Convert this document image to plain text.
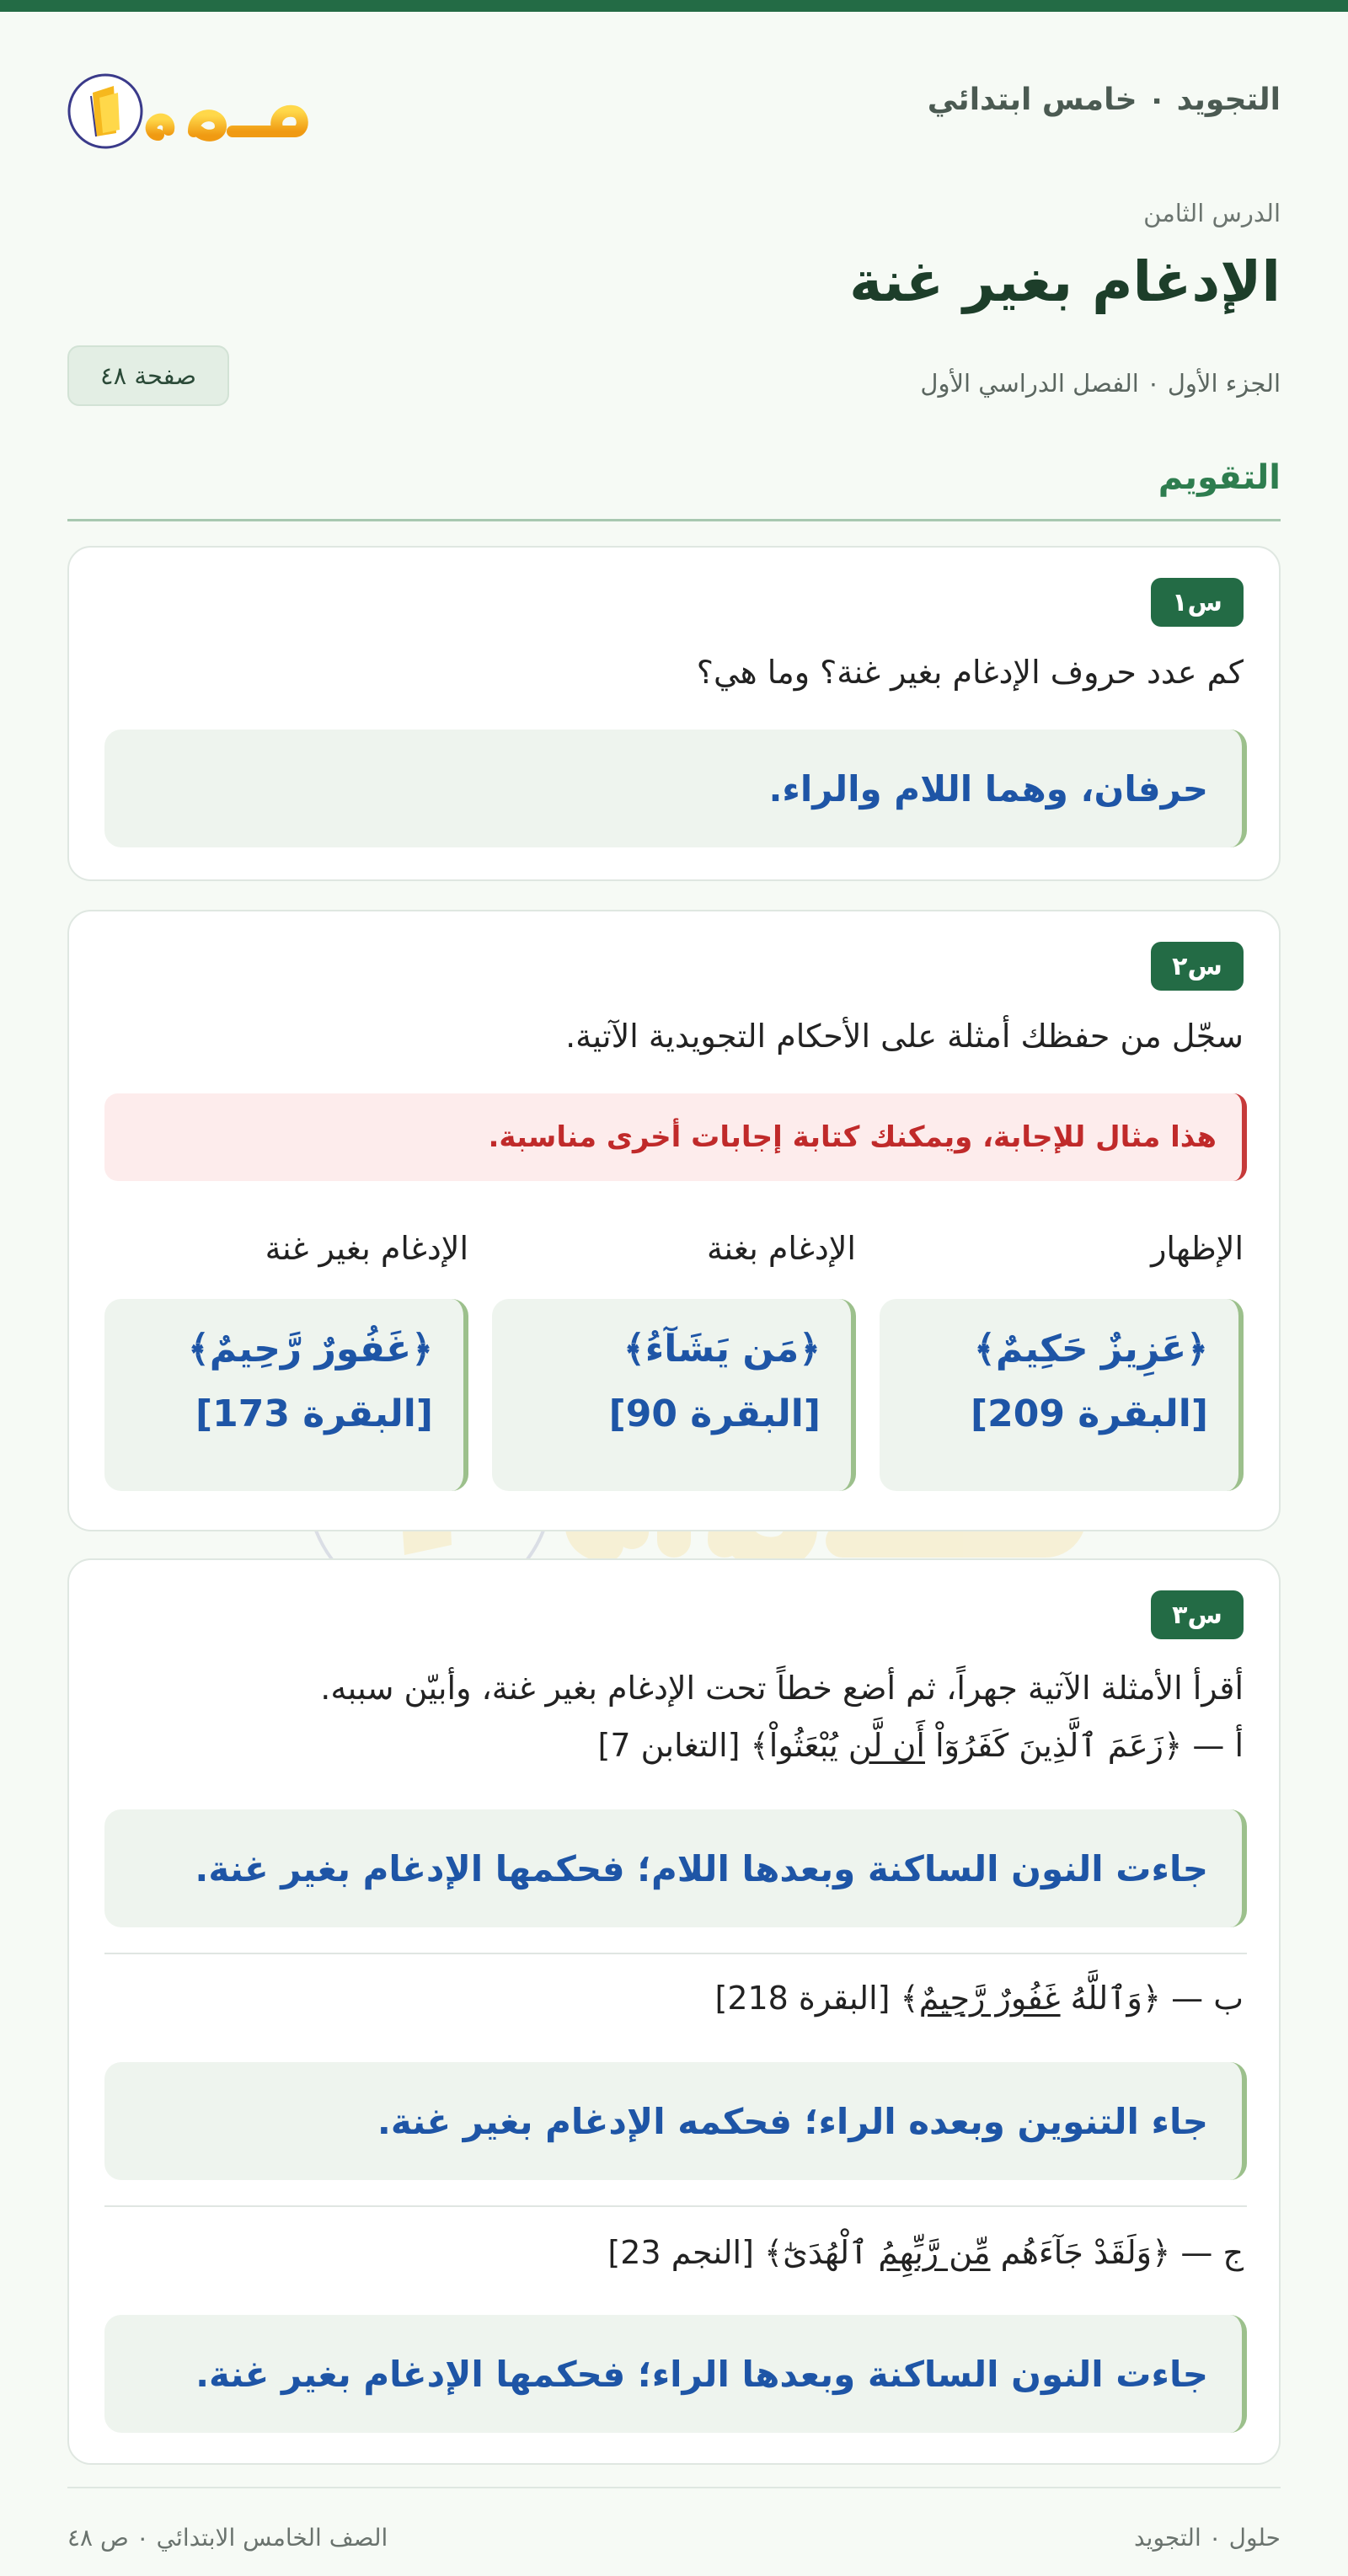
التجويد ٠ خامس ابتدائي
حلول
الدرس الثامن
الإدغام بغير غنة
الجزء الأول ٠ الفصل الدراسي الأول
صفحة ٤٨
التقويم
س١
كم عدد حروف الإدغام بغير غنة؟ وما هي؟
حرفان، وهما اللام والراء.
س٢
سجّل من حفظك أمثلة على الأحكام التجويدية الآتية.
هذا مثال للإجابة، ويمكنك كتابة إجابات أخرى مناسبة.
الإظهار
الإدغام بغنة
الإدغام بغير غنة
﴿عَزِيزٌ حَكِيمٌ﴾
[البقرة 209]
﴿مَن يَشَآءُ﴾
[البقرة 90]
﴿غَفُورٌ رَّحِيمٌ﴾
[البقرة 173]
س٣
أقرأ الأمثلة الآتية جهراً، ثم أضع خطاً تحت الإدغام بغير غنة، وأبيّن سببه.
أ — ﴿زَعَمَ ٱلَّذِينَ كَفَرُوٓاْ أَن لَّن يُبْعَثُواْ﴾ [التغابن 7]
جاءت النون الساكنة وبعدها اللام؛ فحكمها الإدغام بغير غنة.
ب — ﴿وَٱللَّهُ غَفُورٌ رَّحِيمٌ﴾ [البقرة 218]
جاء التنوين وبعده الراء؛ فحكمه الإدغام بغير غنة.
ج — ﴿وَلَقَدْ جَآءَهُم مِّن رَّبِّهِمُ ٱلْهُدَىٰٓ﴾ [النجم 23]
جاءت النون الساكنة وبعدها الراء؛ فحكمها الإدغام بغير غنة.
حلول ٠ التجويد
الصف الخامس الابتدائي ٠ ص ٤٨
